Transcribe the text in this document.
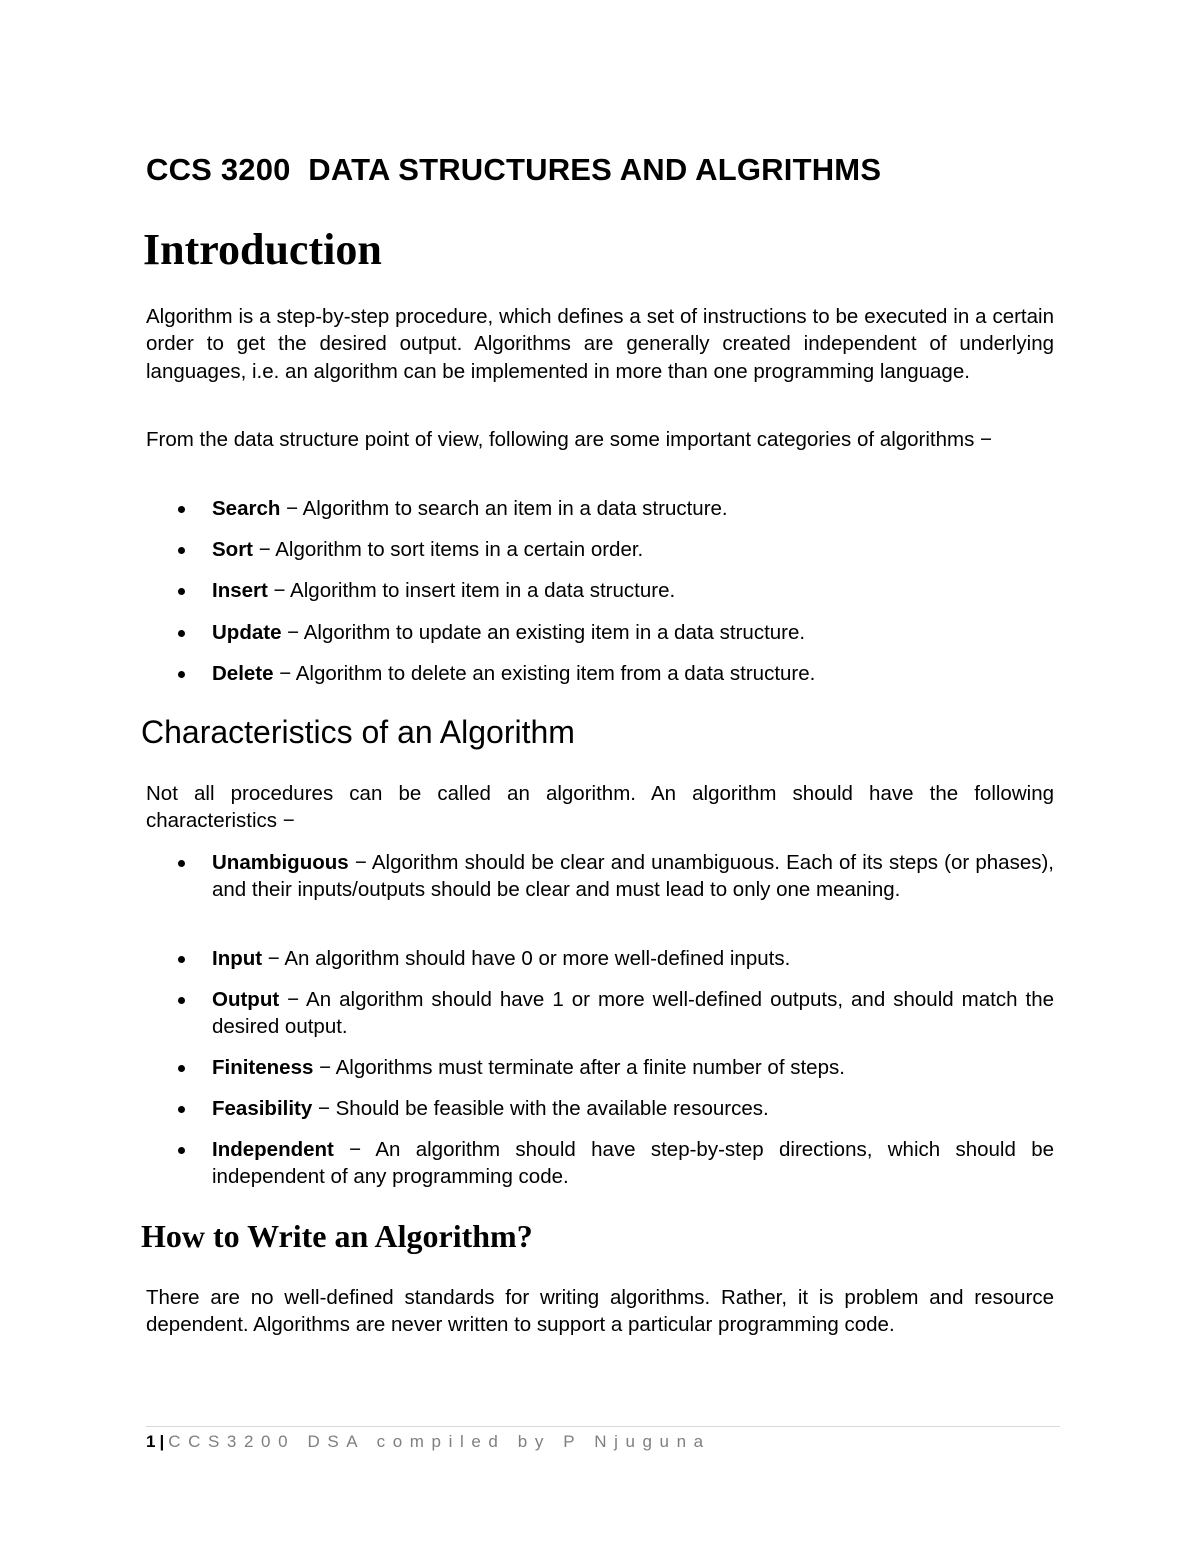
CCS 3200  DATA STRUCTURES AND ALGRITHMS
Introduction

Algorithm is a step-by-step procedure, which defines a set of instructions to be executed in a certain order to get the desired output. Algorithms are generally created independent of underlying languages, i.e. an algorithm can be implemented in more than one programming language.

From the data structure point of view, following are some important categories of algorithms −

Search − Algorithm to search an item in a data structure.

Sort − Algorithm to sort items in a certain order.

Insert − Algorithm to insert item in a data structure.

Update − Algorithm to update an existing item in a data structure.

Delete − Algorithm to delete an existing item from a data structure.

Characteristics of an Algorithm

Not all procedures can be called an algorithm. An algorithm should have the following characteristics −

Unambiguous − Algorithm should be clear and unambiguous. Each of its steps (or phases), and their inputs/outputs should be clear and must lead to only one meaning.

Input − An algorithm should have 0 or more well-defined inputs.

Output − An algorithm should have 1 or more well-defined outputs, and should match the desired output.

Finiteness − Algorithms must terminate after a finite number of steps.

Feasibility − Should be feasible with the available resources.

Independent − An algorithm should have step-by-step directions, which should be independent of any programming code.

How to Write an Algorithm?

There are no well-defined standards for writing algorithms. Rather, it is problem and resource dependent. Algorithms are never written to support a particular programming code.

1 | CCS3200 DSA compiled by P Njuguna
